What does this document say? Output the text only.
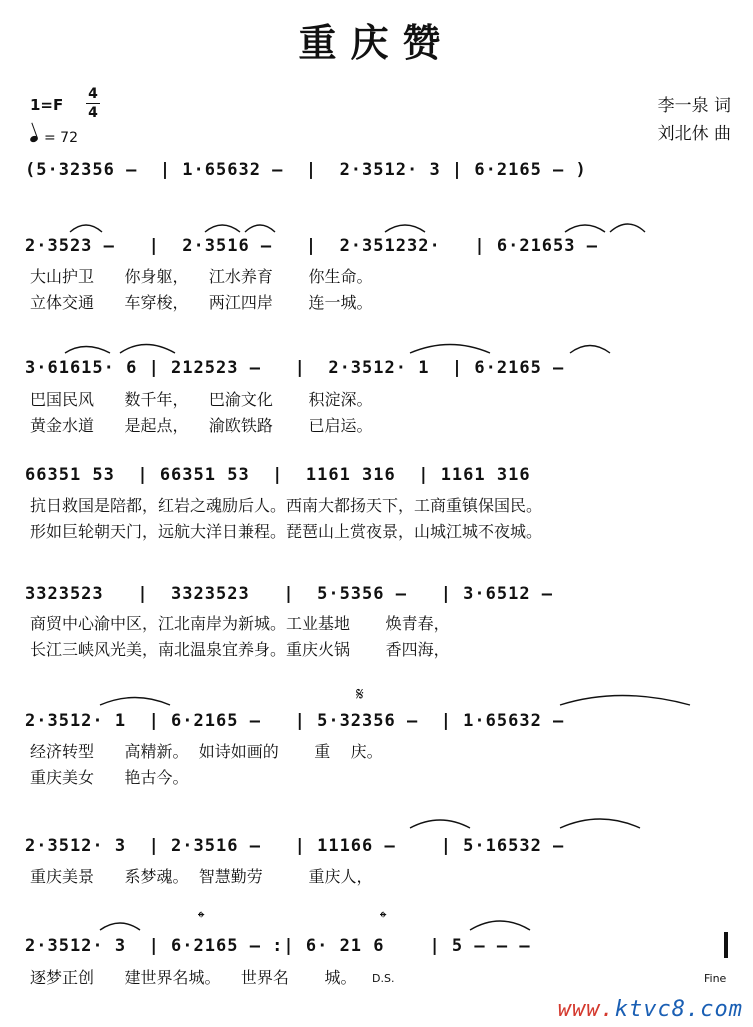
重庆赞
1=F
4
4
= 72
李一泉 词
刘北休 曲
(5·32356 –  | 1·65632 –  |  2·3512· 3 | 6·2165 – )
2·3523 –   |  2·3516 –   |  2·351232·   | 6·21653 –
大山护卫      你身躯，    江水养育       你生命。
立体交通      车穿梭，    两江四岸       连一城。
3·61615· 6 | 212523 –   |  2·3512· 1  | 6·2165 –
巴国民风      数千年，    巴渝文化       积淀深。
黄金水道      是起点，    渝欧铁路       已启运。
66351 53  | 66351 53  |  1161 316  | 1161 316
抗日救国是陪都，红岩之魂励后人。西南大都扬天下，工商重镇保国民。
形如巨轮朝天门，远航大洋日兼程。琵琶山上赏夜景，山城江城不夜城。
3323523   |  3323523   |  5·5356 –   | 3·6512 –
商贸中心渝中区，江北南岸为新城。工业基地       焕青春，
长江三峡风光美，南北温泉宜养身。重庆火锅       香四海，
𝄋
2·3512· 1  | 6·2165 –   | 5·32356 –  | 1·65632 –
经济转型      高精新。  如诗如画的       重    庆。
重庆美女      艳古今。
2·3512· 3  | 2·3516 –   | 11166 –    | 5·16532 –
重庆美景      系梦魂。  智慧勤劳         重庆人，
𝄌	𝄌
2·3512· 3  | 6·2165 – :| 6· 21 6    | 5 – – –
逐梦正创      建世界名城。    世界名       城。	D.S.	Fine
www.ktvc8.com
